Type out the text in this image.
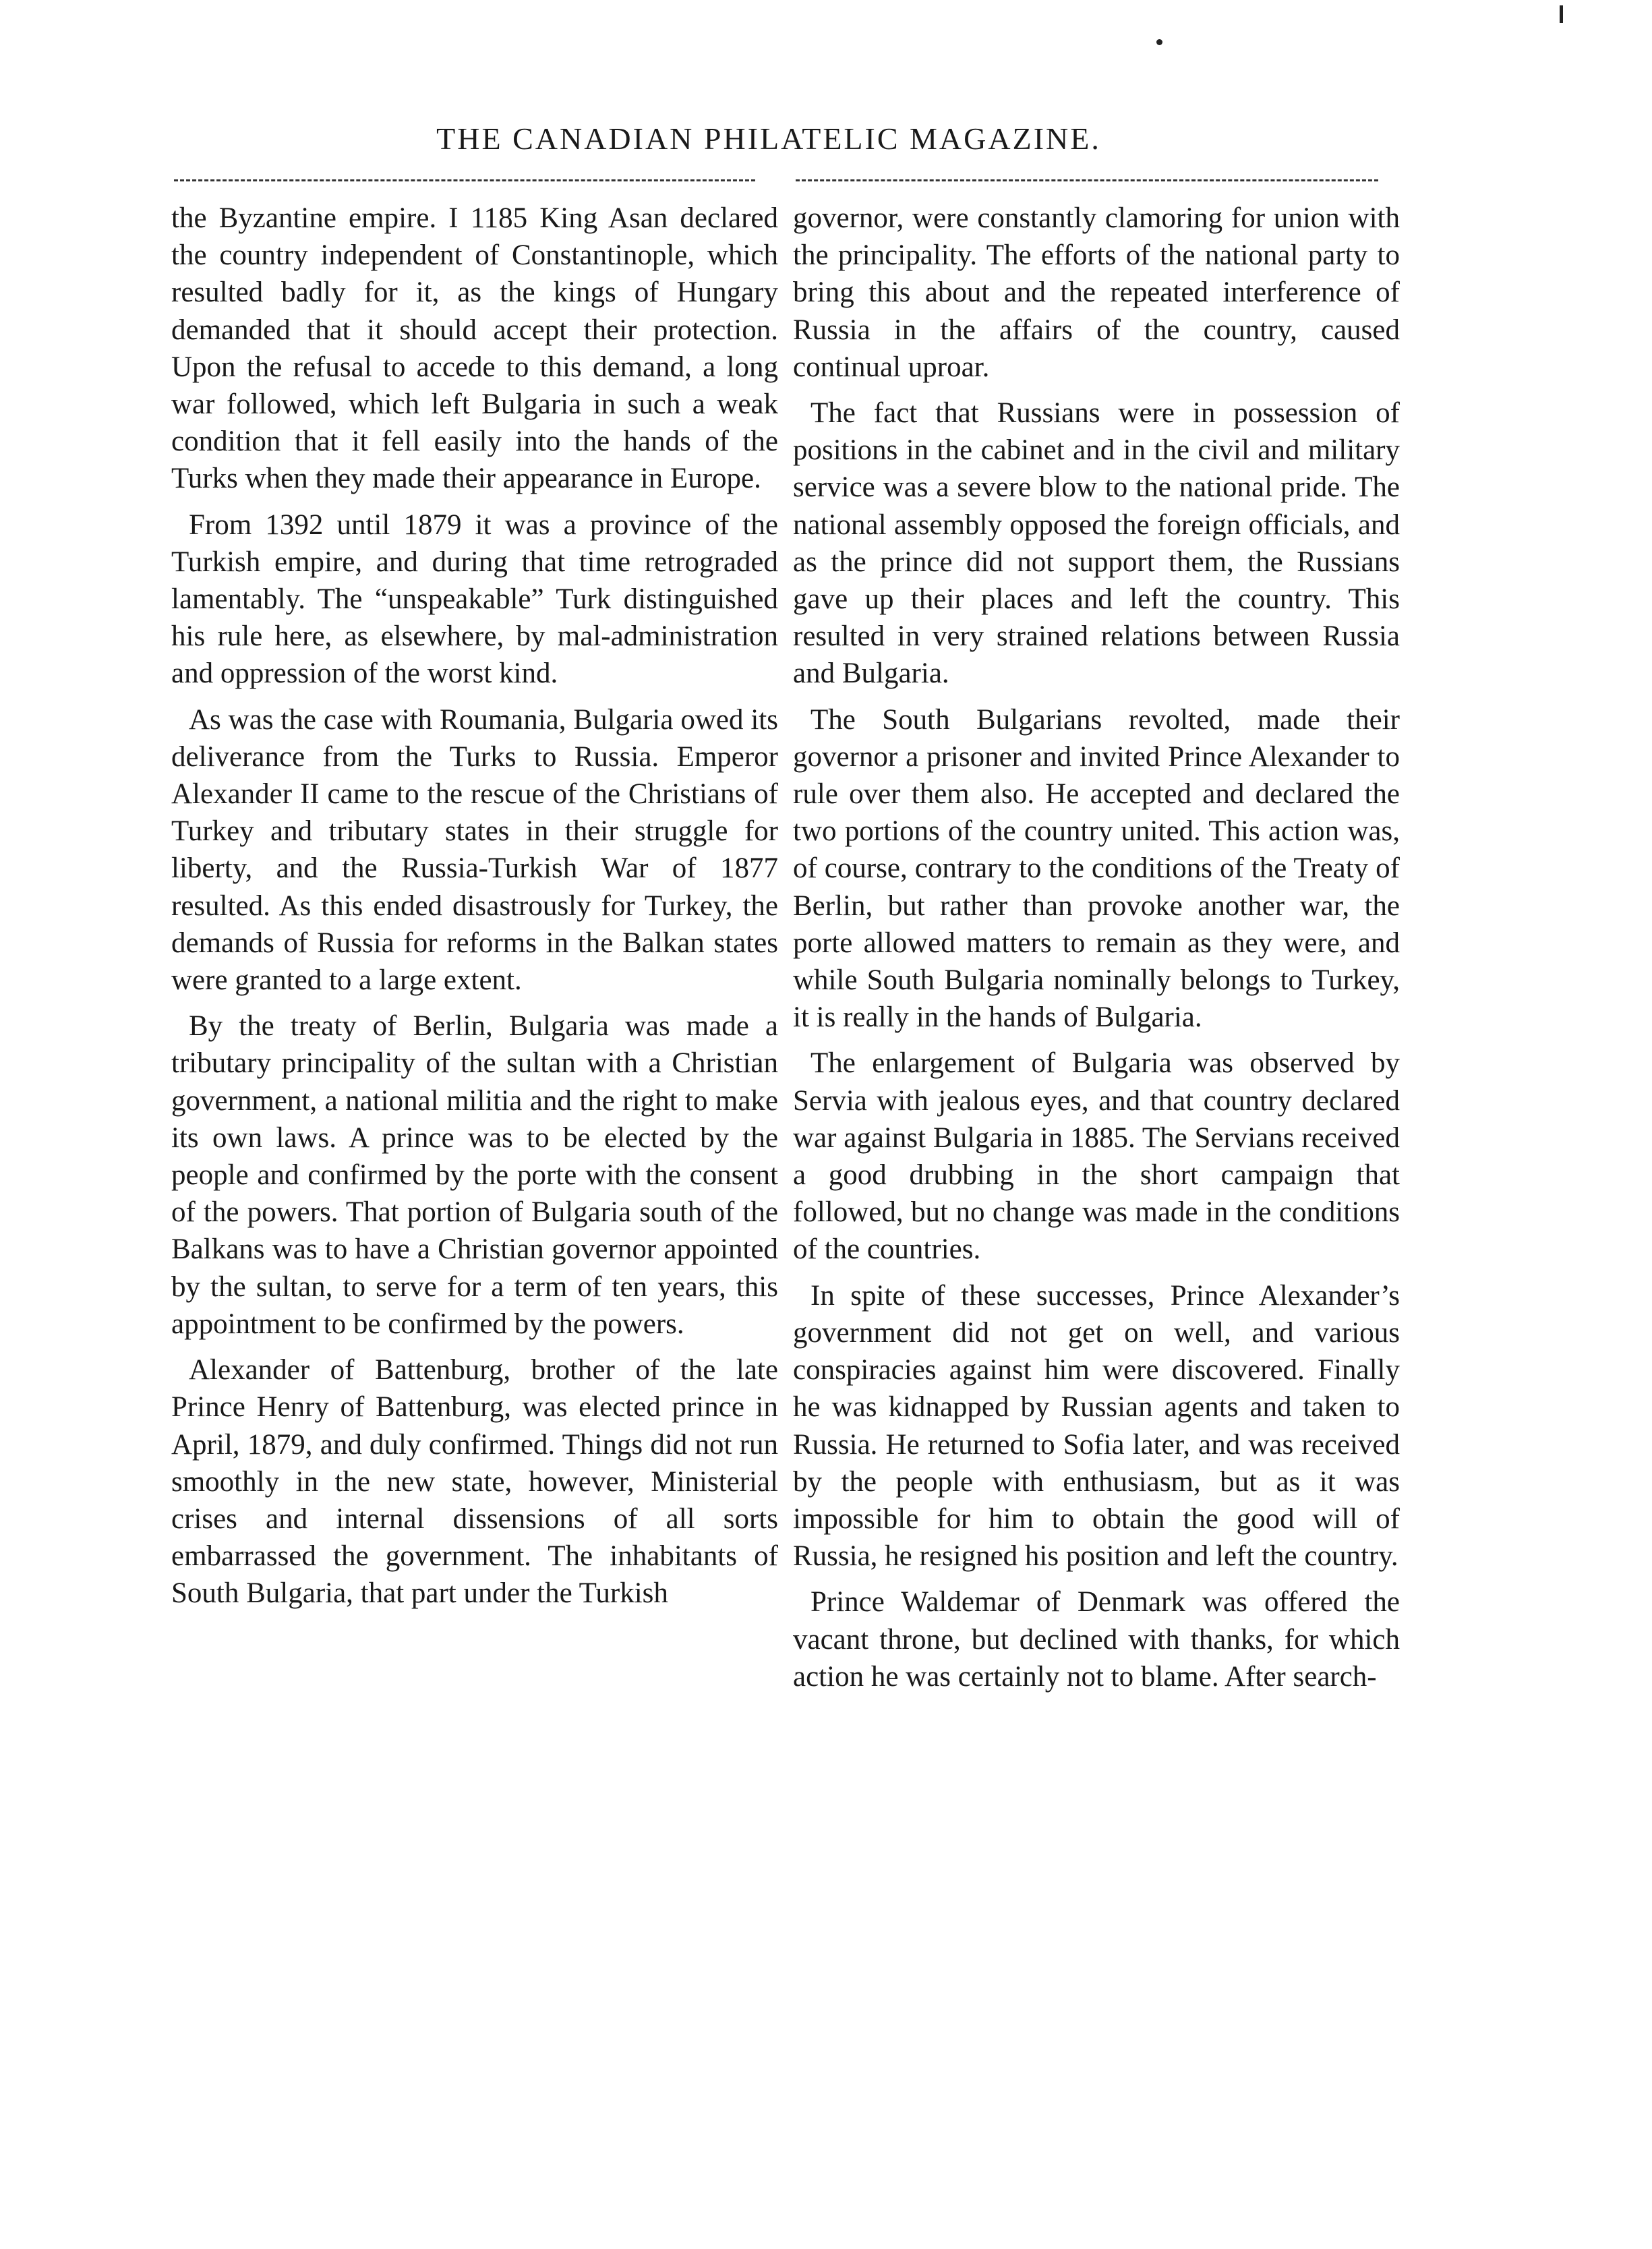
THE CANADIAN PHILATELIC MAGAZINE.

the Byzantine empire. I 1185 King Asan declared the country independent of Constantinople, which resulted badly for it, as the kings of Hungary demanded that it should accept their protection. Upon the refusal to accede to this demand, a long war followed, which left Bulgaria in such a weak condition that it fell easily into the hands of the Turks when they made their appearance in Europe.

From 1392 until 1879 it was a province of the Turkish empire, and during that time retrograded lamentably. The “unspeakable” Turk distinguished his rule here, as elsewhere, by mal-administration and oppression of the worst kind.

As was the case with Roumania, Bulgaria owed its deliverance from the Turks to Russia. Emperor Alexander II came to the rescue of the Christians of Turkey and tributary states in their struggle for liberty, and the Russia-Turkish War of 1877 resulted. As this ended disastrously for Turkey, the demands of Russia for reforms in the Balkan states were granted to a large extent.

By the treaty of Berlin, Bulgaria was made a tributary principality of the sultan with a Christian government, a national militia and the right to make its own laws. A prince was to be elected by the people and confirmed by the porte with the consent of the powers. That portion of Bulgaria south of the Balkans was to have a Christian governor appointed by the sultan, to serve for a term of ten years, this appointment to be confirmed by the powers.

Alexander of Battenburg, brother of the late Prince Henry of Battenburg, was elected prince in April, 1879, and duly confirmed. Things did not run smoothly in the new state, however, Ministerial crises and internal dissensions of all sorts embarrassed the government. The inhabitants of South Bulgaria, that part under the Turkish

governor, were constantly clamoring for union with the principality. The efforts of the national party to bring this about and the repeated interference of Russia in the affairs of the country, caused continual uproar.

The fact that Russians were in possession of positions in the cabinet and in the civil and military service was a severe blow to the national pride. The national assembly opposed the foreign officials, and as the prince did not support them, the Russians gave up their places and left the country. This resulted in very strained relations between Russia and Bulgaria.

The South Bulgarians revolted, made their governor a prisoner and invited Prince Alexander to rule over them also. He accepted and declared the two portions of the country united. This action was, of course, contrary to the conditions of the Treaty of Berlin, but rather than provoke another war, the porte allowed matters to remain as they were, and while South Bulgaria nominally belongs to Turkey, it is really in the hands of Bulgaria.

The enlargement of Bulgaria was observed by Servia with jealous eyes, and that country declared war against Bulgaria in 1885. The Servians received a good drubbing in the short campaign that followed, but no change was made in the conditions of the countries.

In spite of these successes, Prince Alexander’s government did not get on well, and various conspiracies against him were discovered. Finally he was kidnapped by Russian agents and taken to Russia. He returned to Sofia later, and was received by the people with enthusiasm, but as it was impossible for him to obtain the good will of Russia, he resigned his position and left the country.

Prince Waldemar of Denmark was offered the vacant throne, but declined with thanks, for which action he was certainly not to blame. After search-
